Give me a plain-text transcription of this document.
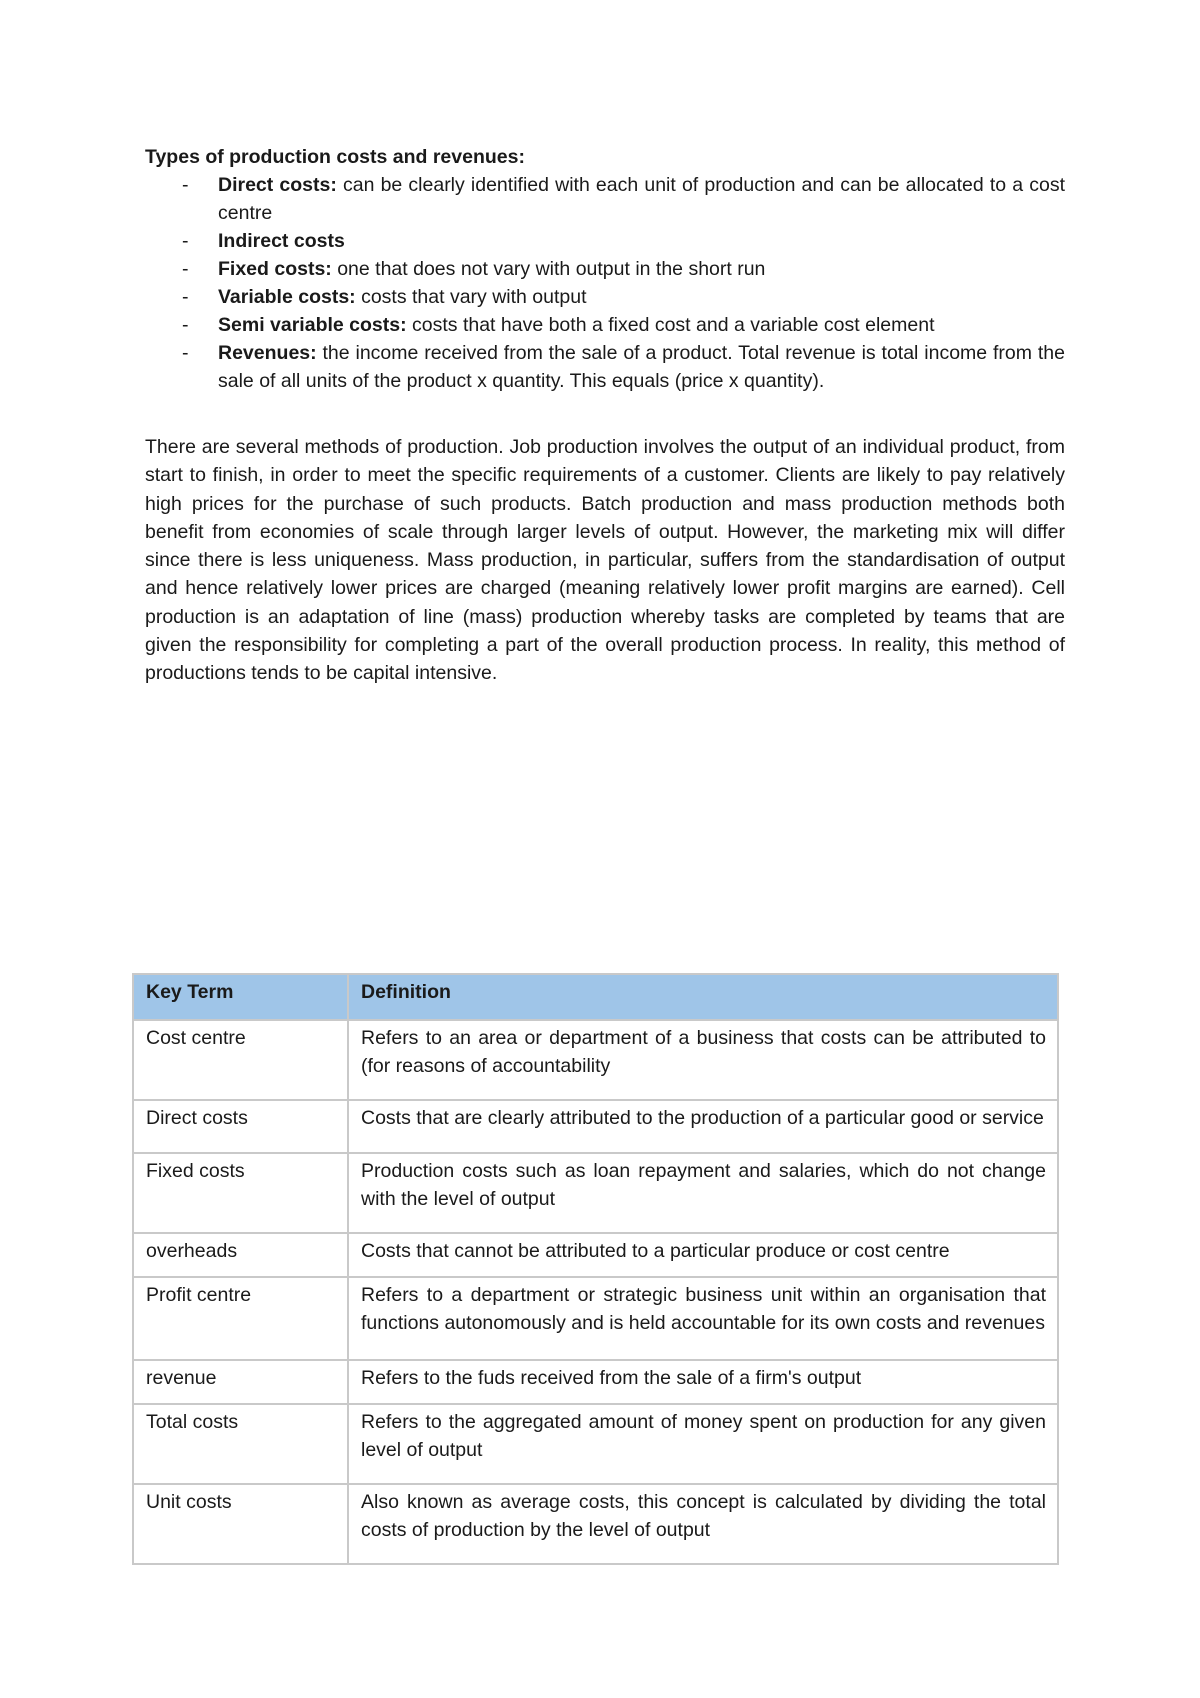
Types of production costs and revenues:

- Direct costs: can be clearly identified with each unit of production and can be allocated to a cost centre
- Indirect costs
- Fixed costs: one that does not vary with output in the short run
- Variable costs: costs that vary with output
- Semi variable costs: costs that have both a fixed cost and a variable cost element
- Revenues: the income received from the sale of a product. Total revenue is total income from the sale of all units of the product x quantity. This equals (price x quantity).

There are several methods of production. Job production involves the output of an individual product, from start to finish, in order to meet the specific requirements of a customer. Clients are likely to pay relatively high prices for the purchase of such products. Batch production and mass production methods both benefit from economies of scale through larger levels of output. However, the marketing mix will differ since there is less uniqueness. Mass production, in particular, suffers from the standardisation of output and hence relatively lower prices are charged (meaning relatively lower profit margins are earned). Cell production is an adaptation of line (mass) production whereby tasks are completed by teams that are given the responsibility for completing a part of the overall production process. In reality, this method of productions tends to be capital intensive.

Key Term	Definition
Cost centre	Refers to an area or department of a business that costs can be attributed to (for reasons of accountability
Direct costs	Costs that are clearly attributed to the production of a particular good or service
Fixed costs	Production costs such as loan repayment and salaries, which do not change with the level of output
overheads	Costs that cannot be attributed to a particular produce or cost centre
Profit centre	Refers to a department or strategic business unit within an organisation that functions autonomously and is held accountable for its own costs and revenues
revenue	Refers to the fuds received from the sale of a firm's output
Total costs	Refers to the aggregated amount of money spent on production for any given level of output
Unit costs	Also known as average costs, this concept is calculated by dividing the total costs of production by the level of output
